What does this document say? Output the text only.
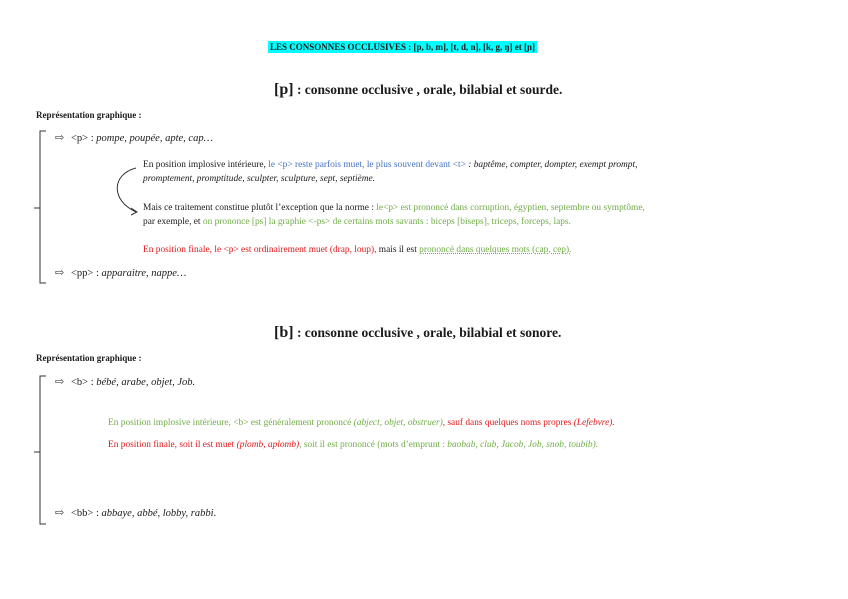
LES CONSONNES OCCLUSIVES : [p, b, m], [t, d, n], [k, g, ŋ] et [ɲ]
[p] : consonne occlusive , orale, bilabial et sourde.
Représentation graphique :
⇨ <p> : pompe, poupée, apte, cap…
En position implosive intérieure, le <p> reste parfois muet, le plus souvent devant <t> : baptême, compter, dompter, exempt prompt,
promptement, promptitude, sculpter, sculpture, sept, septième.
Mais ce traitement constitue plutôt l’exception que la norme : le<p> est prononcé dans corruption, égyptien, septembre ou symptôme,
par exemple, et on prononce [ps] la graphie <-ps> de certains mots savants : biceps [biseps], triceps, forceps, laps.
En position finale, le <p> est ordinairement muet (drap, loup), mais il est prononcé dans quelques mots (cap, cep).
⇨ <pp> : apparaitre, nappe…
[b] : consonne occlusive , orale, bilabial et sonore.
Représentation graphique :
⇨ <b> : bébé, arabe, objet, Job.
En position implosive intérieure, <b> est généralement prononcé (abject, objet, obstruer), sauf dans quelques noms propres (Lefebvre).
En position finale, soit il est muet (plomb, aplomb), soit il est prononcé (mots d’emprunt : baobab, club, Jacob, Job, snob, toubib).
⇨ <bb> : abbaye, abbé, lobby, rabbi.
